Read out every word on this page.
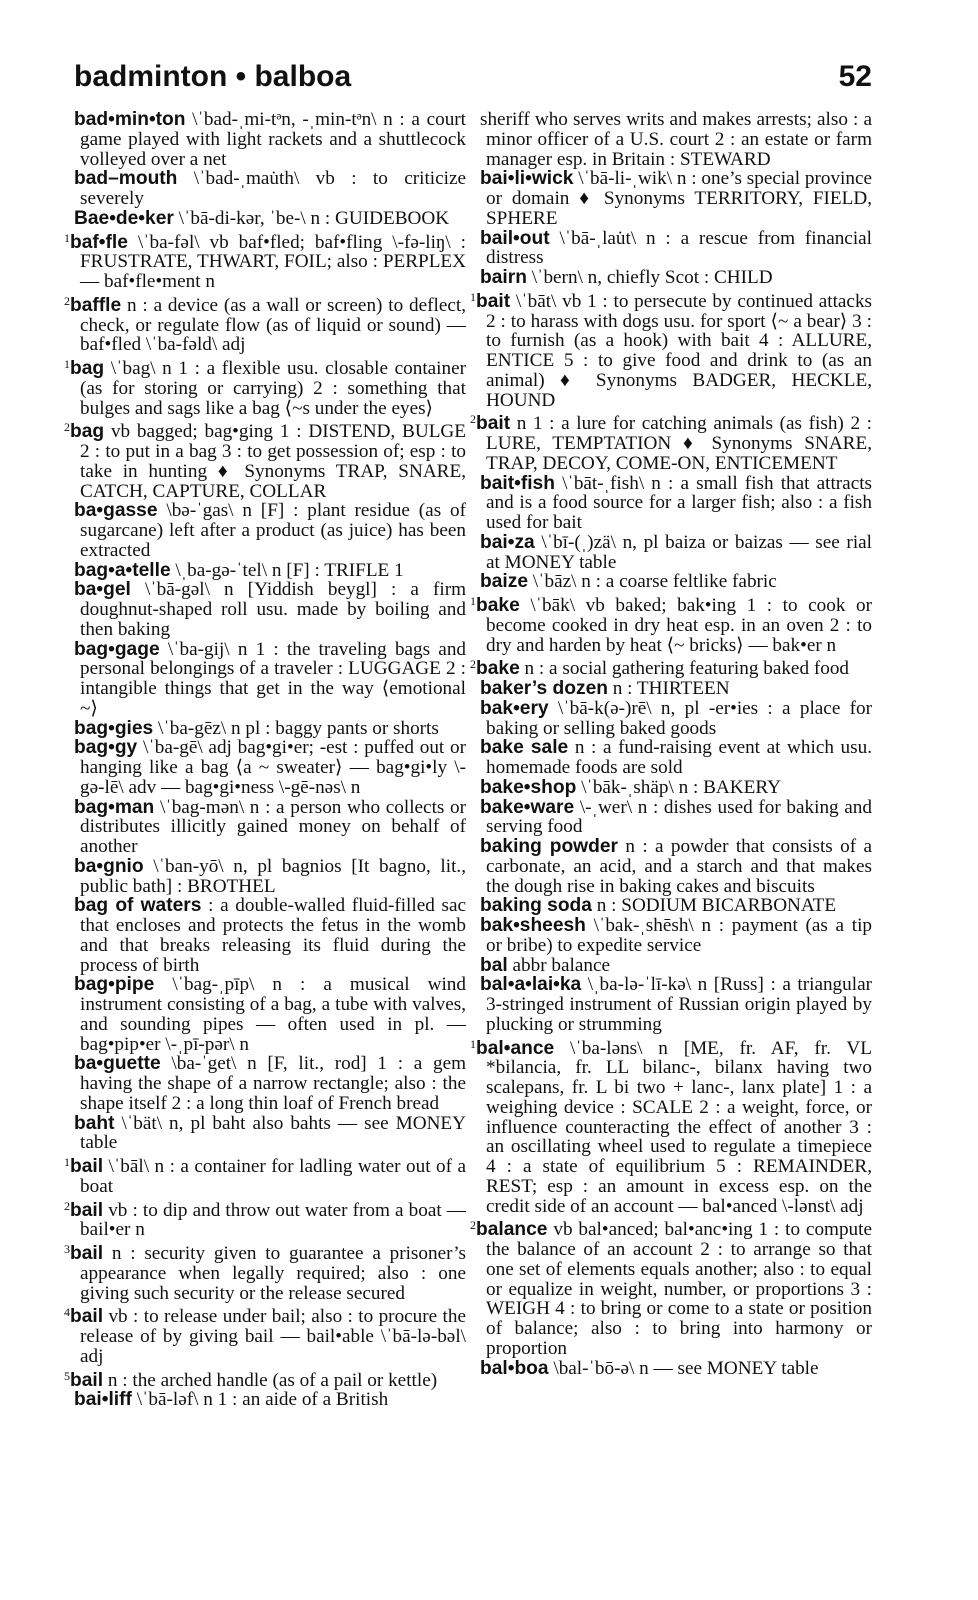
badminton • balboa	52
bad•min•ton \ˈbad-ˌmi-tᵊn, -ˌmin-tᵊn\ n : a court game played with light rackets and a shuttlecock volleyed over a net
bad–mouth \ˈbad-ˌmau̇th\ vb : to criticize severely
Bae•de•ker \ˈbā-di-kər, ˈbe-\ n : GUIDEBOOK
$^1$baf•fle \ˈba-fəl\ vb baf•fled; baf•fling \-fə-liŋ\ : FRUSTRATE, THWART, FOIL; also : PERPLEX — baf•fle•ment n
$^2$baffle n : a device (as a wall or screen) to deflect, check, or regulate flow (as of liquid or sound) — baf•fled \ˈba-fəld\ adj
$^1$bag \ˈbag\ n 1 : a flexible usu. closable container (as for storing or carrying) 2 : something that bulges and sags like a bag ⟨~s under the eyes⟩
$^2$bag vb bagged; bag•ging 1 : DISTEND, BULGE 2 : to put in a bag 3 : to get possession of; esp : to take in hunting ♦ Synonyms TRAP, SNARE, CATCH, CAPTURE, COLLAR
ba•gasse \bə-ˈgas\ n [F] : plant residue (as of sugarcane) left after a product (as juice) has been extracted
bag•a•telle \ˌba-gə-ˈtel\ n [F] : TRIFLE 1
ba•gel \ˈbā-gəl\ n [Yiddish beygl] : a firm doughnut-shaped roll usu. made by boiling and then baking
bag•gage \ˈba-gij\ n 1 : the traveling bags and personal belongings of a traveler : LUGGAGE 2 : intangible things that get in the way ⟨emotional ~⟩
bag•gies \ˈba-gēz\ n pl : baggy pants or shorts
bag•gy \ˈba-gē\ adj bag•gi•er; -est : puffed out or hanging like a bag ⟨a ~ sweater⟩ — bag•gi•ly \-gə-lē\ adv — bag•gi•ness \-gē-nəs\ n
bag•man \ˈbag-mən\ n : a person who collects or distributes illicitly gained money on behalf of another
ba•gnio \ˈban-yō\ n, pl bagnios [It bagno, lit., public bath] : BROTHEL
bag of waters : a double-walled fluid-filled sac that encloses and protects the fetus in the womb and that breaks releasing its fluid during the process of birth
bag•pipe \ˈbag-ˌpīp\ n : a musical wind instrument consisting of a bag, a tube with valves, and sounding pipes — often used in pl. — bag•pip•er \-ˌpī-pər\ n
ba•guette \ba-ˈget\ n [F, lit., rod] 1 : a gem having the shape of a narrow rectangle; also : the shape itself 2 : a long thin loaf of French bread
baht \ˈbät\ n, pl baht also bahts — see MONEY table
$^1$bail \ˈbāl\ n : a container for ladling water out of a boat
$^2$bail vb : to dip and throw out water from a boat — bail•er n
$^3$bail n : security given to guarantee a prisoner’s appearance when legally required; also : one giving such security or the release secured
$^4$bail vb : to release under bail; also : to procure the release of by giving bail — bail•able \ˈbā-lə-bəl\ adj
$^5$bail n : the arched handle (as of a pail or kettle)
bai•liff \ˈbā-ləf\ n 1 : an aide of a British
sheriff who serves writs and makes arrests; also : a minor officer of a U.S. court 2 : an estate or farm manager esp. in Britain : STEWARD
bai•li•wick \ˈbā-li-ˌwik\ n : one’s special province or domain ♦ Synonyms TERRITORY, FIELD, SPHERE
bail•out \ˈbā-ˌlau̇t\ n : a rescue from financial distress
bairn \ˈbern\ n, chiefly Scot : CHILD
$^1$bait \ˈbāt\ vb 1 : to persecute by continued attacks 2 : to harass with dogs usu. for sport ⟨~ a bear⟩ 3 : to furnish (as a hook) with bait 4 : ALLURE, ENTICE 5 : to give food and drink to (as an animal) ♦ Synonyms BADGER, HECKLE, HOUND
$^2$bait n 1 : a lure for catching animals (as fish) 2 : LURE, TEMPTATION ♦ Synonyms SNARE, TRAP, DECOY, COME-ON, ENTICEMENT
bait•fish \ˈbāt-ˌfish\ n : a small fish that attracts and is a food source for a larger fish; also : a fish used for bait
bai•za \ˈbī-(ˌ)zä\ n, pl baiza or baizas — see rial at MONEY table
baize \ˈbāz\ n : a coarse feltlike fabric
$^1$bake \ˈbāk\ vb baked; bak•ing 1 : to cook or become cooked in dry heat esp. in an oven 2 : to dry and harden by heat ⟨~ bricks⟩ — bak•er n
$^2$bake n : a social gathering featuring baked food
baker’s dozen n : THIRTEEN
bak•ery \ˈbā-k(ə-)rē\ n, pl -er•ies : a place for baking or selling baked goods
bake sale n : a fund-raising event at which usu. homemade foods are sold
bake•shop \ˈbāk-ˌshäp\ n : BAKERY
bake•ware \-ˌwer\ n : dishes used for baking and serving food
baking powder n : a powder that consists of a carbonate, an acid, and a starch and that makes the dough rise in baking cakes and biscuits
baking soda n : SODIUM BICARBONATE
bak•sheesh \ˈbak-ˌshēsh\ n : payment (as a tip or bribe) to expedite service
bal abbr balance
bal•a•lai•ka \ˌba-lə-ˈlī-kə\ n [Russ] : a triangular 3-stringed instrument of Russian origin played by plucking or strumming
$^1$bal•ance \ˈba-ləns\ n [ME, fr. AF, fr. VL *bilancia, fr. LL bilanc-, bilanx having two scalepans, fr. L bi two + lanc-, lanx plate] 1 : a weighing device : SCALE 2 : a weight, force, or influence counteracting the effect of another 3 : an oscillating wheel used to regulate a timepiece 4 : a state of equilibrium 5 : REMAINDER, REST; esp : an amount in excess esp. on the credit side of an account — bal•anced \-lənst\ adj
$^2$balance vb bal•anced; bal•anc•ing 1 : to compute the balance of an account 2 : to arrange so that one set of elements equals another; also : to equal or equalize in weight, number, or proportions 3 : WEIGH 4 : to bring or come to a state or position of balance; also : to bring into harmony or proportion
bal•boa \bal-ˈbō-ə\ n — see MONEY table
